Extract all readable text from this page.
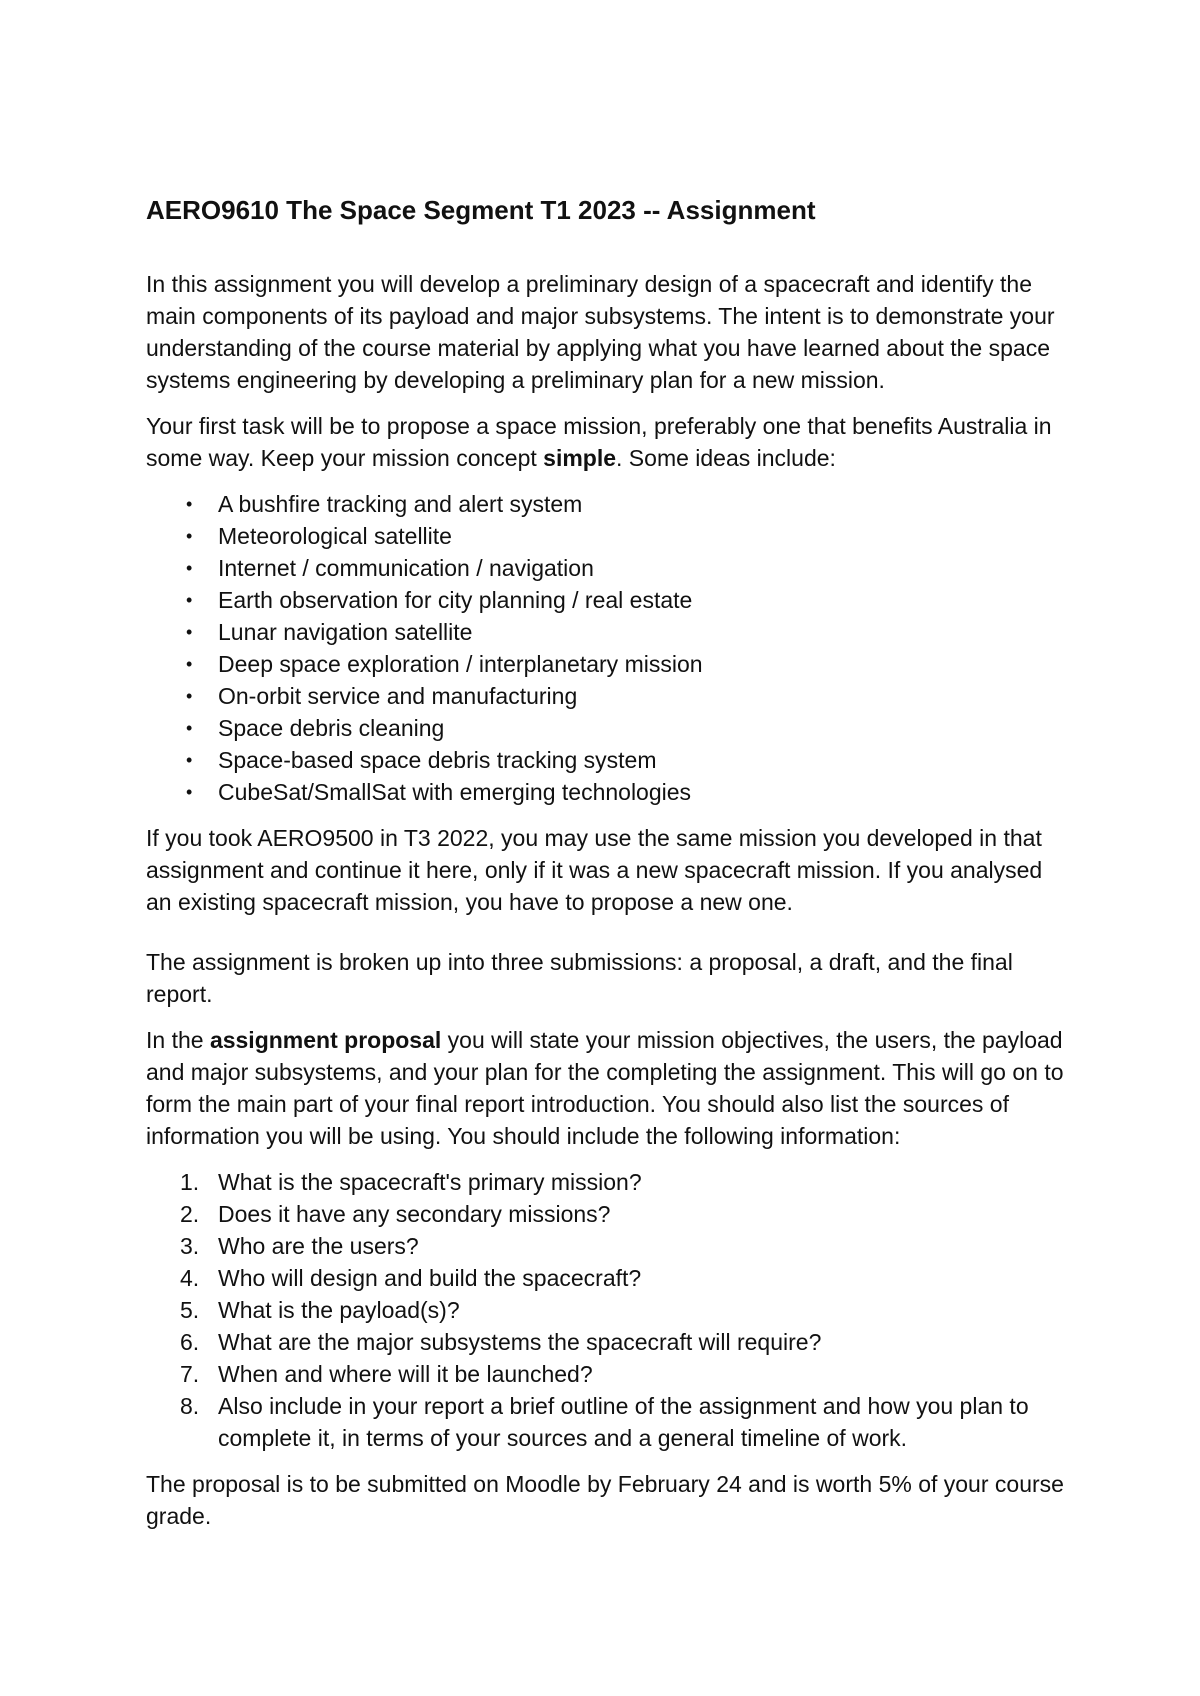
AERO9610 The Space Segment T1 2023 -- Assignment

In this assignment you will develop a preliminary design of a spacecraft and identify the main components of its payload and major subsystems. The intent is to demonstrate your understanding of the course material by applying what you have learned about the space systems engineering by developing a preliminary plan for a new mission.

Your first task will be to propose a space mission, preferably one that benefits Australia in some way. Keep your mission concept simple. Some ideas include:

• A bushfire tracking and alert system
• Meteorological satellite
• Internet / communication / navigation
• Earth observation for city planning / real estate
• Lunar navigation satellite
• Deep space exploration / interplanetary mission
• On-orbit service and manufacturing
• Space debris cleaning
• Space-based space debris tracking system
• CubeSat/SmallSat with emerging technologies

If you took AERO9500 in T3 2022, you may use the same mission you developed in that assignment and continue it here, only if it was a new spacecraft mission. If you analysed an existing spacecraft mission, you have to propose a new one.

The assignment is broken up into three submissions: a proposal, a draft, and the final report.

In the assignment proposal you will state your mission objectives, the users, the payload and major subsystems, and your plan for the completing the assignment. This will go on to form the main part of your final report introduction. You should also list the sources of information you will be using. You should include the following information:

1. What is the spacecraft's primary mission?
2. Does it have any secondary missions?
3. Who are the users?
4. Who will design and build the spacecraft?
5. What is the payload(s)?
6. What are the major subsystems the spacecraft will require?
7. When and where will it be launched?
8. Also include in your report a brief outline of the assignment and how you plan to complete it, in terms of your sources and a general timeline of work.

The proposal is to be submitted on Moodle by February 24 and is worth 5% of your course grade.
